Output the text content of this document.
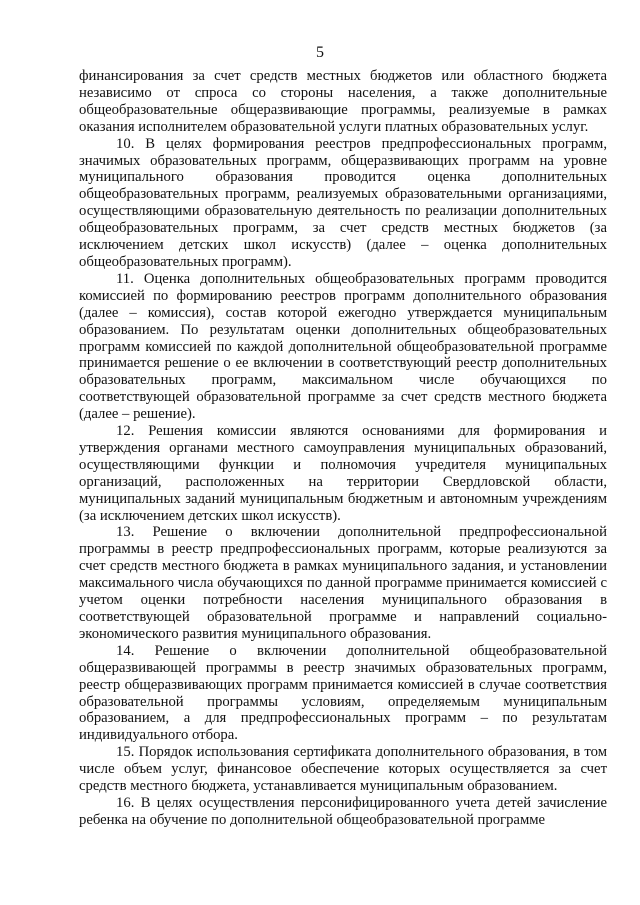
5

финансирования за счет средств местных бюджетов или областного бюджета независимо от спроса со стороны населения, а также дополнительные общеобразовательные общеразвивающие программы, реализуемые в рамках оказания исполнителем образовательной услуги платных образовательных услуг.

10. В целях формирования реестров предпрофессиональных программ, значимых образовательных программ, общеразвивающих программ на уровне муниципального образования проводится оценка дополнительных общеобразовательных программ, реализуемых образовательными организациями, осуществляющими образовательную деятельность по реализации дополнительных общеобразовательных программ, за счет средств местных бюджетов (за исключением детских школ искусств) (далее – оценка дополнительных общеобразовательных программ).

11. Оценка дополнительных общеобразовательных программ проводится комиссией по формированию реестров программ дополнительного образования (далее – комиссия), состав которой ежегодно утверждается муниципальным образованием. По результатам оценки дополнительных общеобразовательных программ комиссией по каждой дополнительной общеобразовательной программе принимается решение о ее включении в соответствующий реестр дополнительных образовательных программ, максимальном числе обучающихся по соответствующей образовательной программе за счет средств местного бюджета (далее – решение).

12. Решения комиссии являются основаниями для формирования и утверждения органами местного самоуправления муниципальных образований, осуществляющими функции и полномочия учредителя муниципальных организаций, расположенных на территории Свердловской области, муниципальных заданий муниципальным бюджетным и автономным учреждениям (за исключением детских школ искусств).

13. Решение о включении дополнительной предпрофессиональной программы в реестр предпрофессиональных программ, которые реализуются за счет средств местного бюджета в рамках муниципального задания, и установлении максимального числа обучающихся по данной программе принимается комиссией с учетом оценки потребности населения муниципального образования в соответствующей образовательной программе и направлений социально-экономического развития муниципального образования.

14. Решение о включении дополнительной общеобразовательной общеразвивающей программы в реестр значимых образовательных программ, реестр общеразвивающих программ принимается комиссией в случае соответствия образовательной программы условиям, определяемым муниципальным образованием, а для предпрофессиональных программ – по результатам индивидуального отбора.

15. Порядок использования сертификата дополнительного образования, в том числе объем услуг, финансовое обеспечение которых осуществляется за счет средств местного бюджета, устанавливается муниципальным образованием.

16. В целях осуществления персонифицированного учета детей зачисление ребенка на обучение по дополнительной общеобразовательной программе
